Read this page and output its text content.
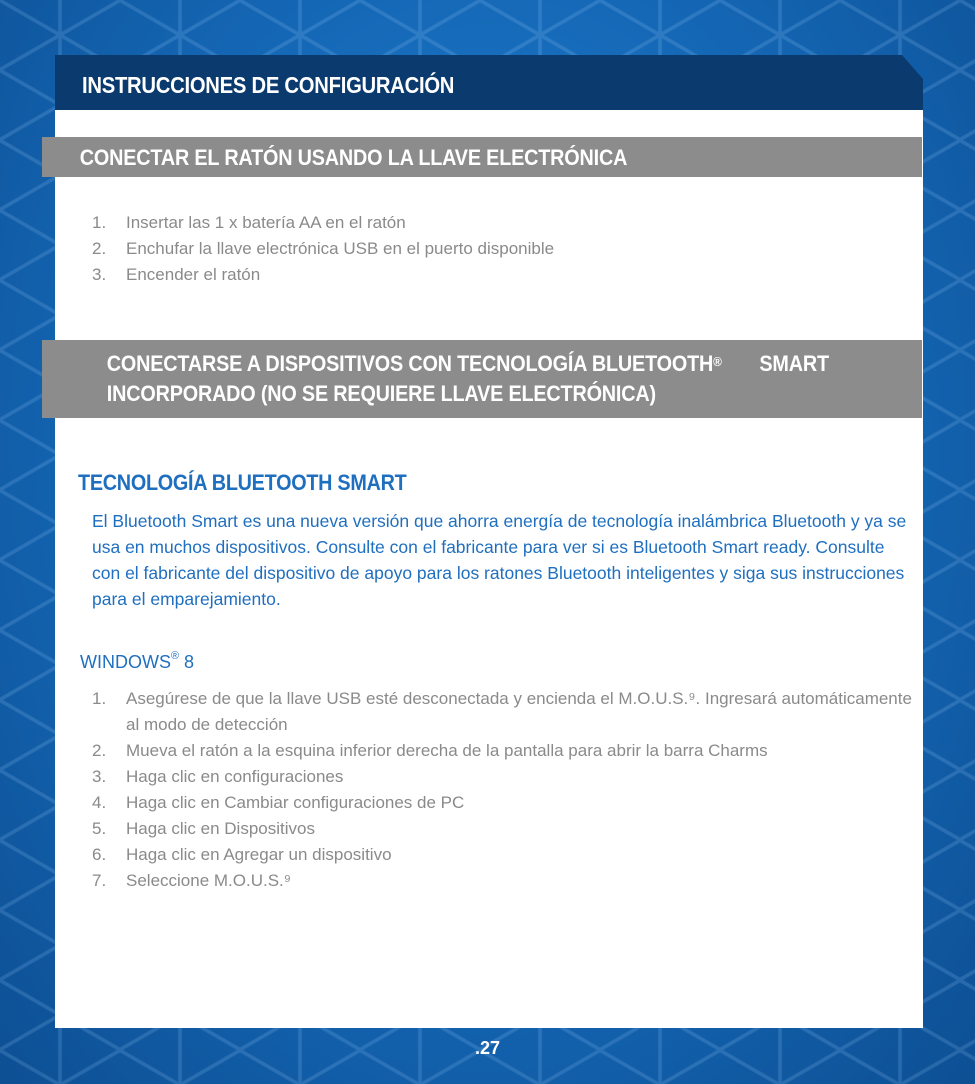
INSTRUCCIONES DE CONFIGURACIÓN
CONECTAR EL RATÓN USANDO LA LLAVE ELECTRÓNICA
1.	Insertar las 1 x batería AA en el ratón
2.	Enchufar la llave electrónica USB en el puerto disponible
3.	Encender el ratón
CONECTARSE A DISPOSITIVOS CON TECNOLOGÍA BLUETOOTH® SMART
INCORPORADO (NO SE REQUIERE LLAVE ELECTRÓNICA)
TECNOLOGÍA BLUETOOTH SMART

El Bluetooth Smart es una nueva versión que ahorra energía de tecnología inalámbrica Bluetooth y ya se usa en muchos dispositivos. Consulte con el fabricante para ver si es Bluetooth Smart ready. Consulte con el fabricante del dispositivo de apoyo para los ratones Bluetooth inteligentes y siga sus instrucciones para el emparejamiento.

WINDOWS® 8
1.	Asegúrese de que la llave USB esté desconectada y encienda el M.O.U.S.⁹. Ingresará automáticamente al modo de detección
2.	Mueva el ratón a la esquina inferior derecha de la pantalla para abrir la barra Charms
3.	Haga clic en configuraciones
4.	Haga clic en Cambiar configuraciones de PC
5.	Haga clic en Dispositivos
6.	Haga clic en Agregar un dispositivo
7.	Seleccione M.O.U.S.⁹
.27
